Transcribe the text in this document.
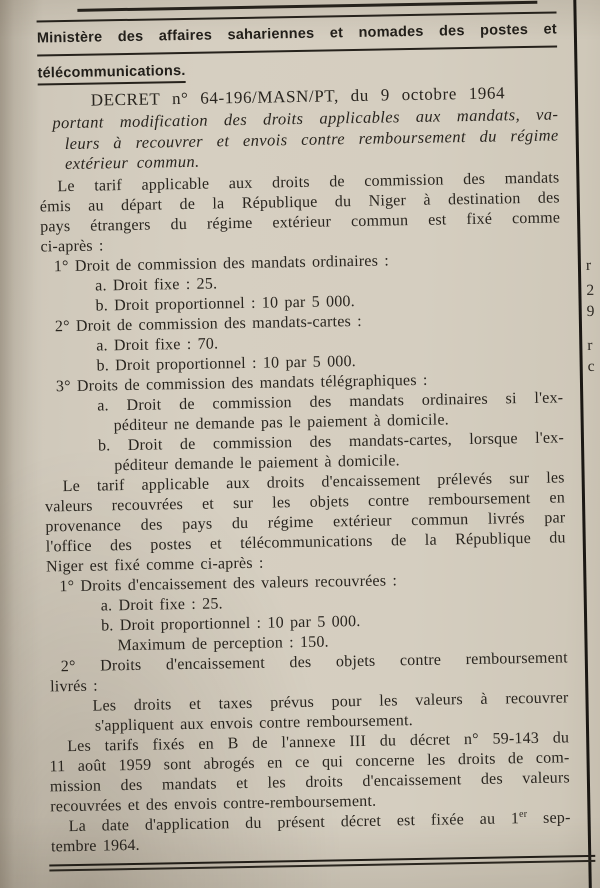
r
2
9
r
c
Ministère des affaires sahariennes et nomades des postes et
télécommunications.
DECRET n° 64-196/MASN/PT, du 9 octobre 1964
portant modification des droits applicables aux mandats, va-
leurs à recouvrer et envois contre remboursement du régime
extérieur commun.
Le tarif applicable aux droits de commission des mandats
émis au départ de la République du Niger à destination des
pays étrangers du régime extérieur commun est fixé comme
ci-après :
1° Droit de commission des mandats ordinaires :
a. Droit fixe : 25.
b. Droit proportionnel : 10 par 5 000.
2° Droit de commission des mandats-cartes :
a. Droit fixe : 70.
b. Droit proportionnel : 10 par 5 000.
3° Droits de commission des mandats télégraphiques :
a. Droit de commission des mandats ordinaires si l'ex-
péditeur ne demande pas le paiement à domicile.
b. Droit de commission des mandats-cartes, lorsque l'ex-
péditeur demande le paiement à domicile.
Le tarif applicable aux droits d'encaissement prélevés sur les
valeurs recouvrées et sur les objets contre remboursement en
provenance des pays du régime extérieur commun livrés par
l'office des postes et télécommunications de la République du
Niger est fixé comme ci-après :
1° Droits d'encaissement des valeurs recouvrées :
a. Droit fixe : 25.
b. Droit proportionnel : 10 par 5 000.
Maximum de perception : 150.
2° Droits d'encaissement des objets contre remboursement
livrés :
Les droits et taxes prévus pour les valeurs à recouvrer
s'appliquent aux envois contre remboursement.
Les tarifs fixés en B de l'annexe III du décret n° 59-143 du
11 août 1959 sont abrogés en ce qui concerne les droits de com-
mission des mandats et les droits d'encaissement des valeurs
recouvrées et des envois contre-remboursement.
La date d'application du présent décret est fixée au 1er sep-
tembre 1964.
